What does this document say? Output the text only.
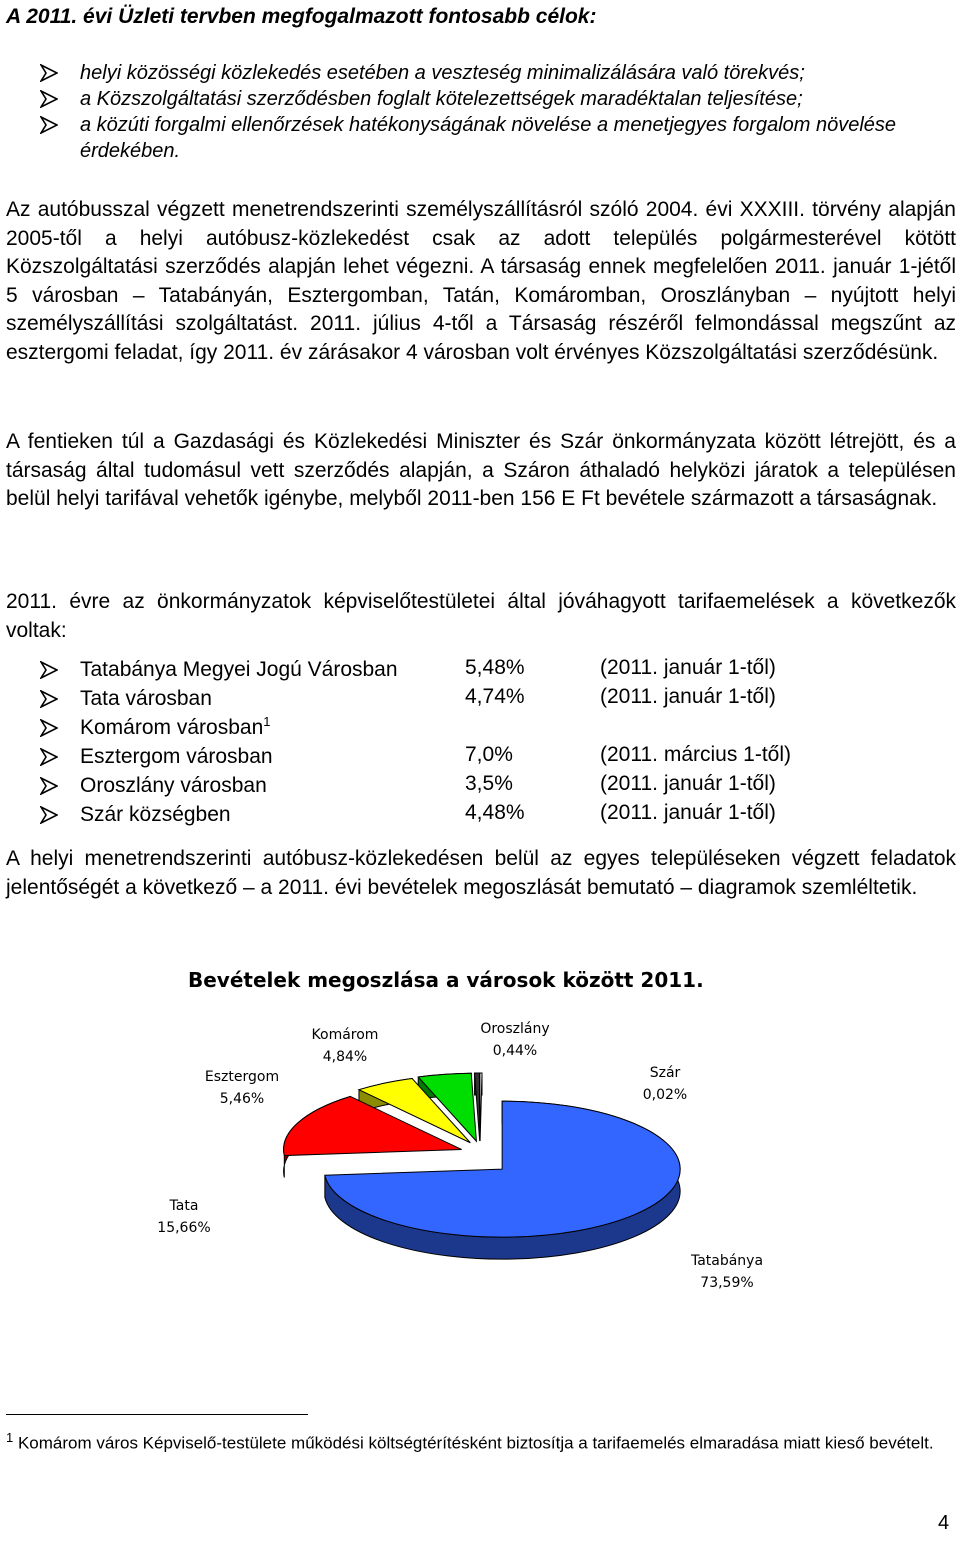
A 2011. évi Üzleti tervben megfogalmazott fontosabb célok:
helyi közösségi közlekedés esetében a veszteség minimalizálására való törekvés;
a Közszolgáltatási szerződésben foglalt kötelezettségek maradéktalan teljesítése;
a közúti forgalmi ellenőrzések hatékonyságának növelése a menetjegyes forgalom növelése érdekében.
Az autóbusszal végzett menetrendszerinti személyszállításról szóló 2004. évi XXXIII. törvény alapján 2005-től a helyi autóbusz-közlekedést csak az adott település polgármesterével kötött Közszolgáltatási szerződés alapján lehet végezni. A társaság ennek megfelelően 2011. január 1-jétől 5 városban – Tatabányán, Esztergomban, Tatán, Komáromban, Oroszlányban – nyújtott helyi személyszállítási szolgáltatást. 2011. július 4-től a Társaság részéről felmondással megszűnt az esztergomi feladat, így 2011. év zárásakor 4 városban volt érvényes Közszolgáltatási szerződésünk.
A fentieken túl a Gazdasági és Közlekedési Miniszter és Szár önkormányzata között létrejött, és a társaság által tudomásul vett szerződés alapján, a Száron áthaladó helyközi járatok a településen belül helyi tarifával vehetők igénybe, melyből 2011-ben 156 E Ft bevétele származott a társaságnak.
2011. évre az önkormányzatok képviselőtestületei által jóváhagyott tarifaemelések a következők voltak:
Tatabánya Megyei Jogú Városban	5,48%	(2011. január 1-től)
Tata városban	4,74%	(2011. január 1-től)
Komárom városban$^1$
Esztergom városban	7,0%	(2011. március 1-től)
Oroszlány városban	3,5%	(2011. január 1-től)
Szár községben	4,48%	(2011. január 1-től)
A helyi menetrendszerinti autóbusz-közlekedésen belül az egyes településeken végzett feladatok jelentőségét a következő – a 2011. évi bevételek megoszlását bemutató – diagramok szemléltetik.
Bevételek megoszlása a városok között 2011.
Esztergom
5,46%
Komárom
4,84%
Oroszlány
0,44%
Szár
0,02%
Tata
15,66%
Tatabánya
73,59%
$^1$ Komárom város Képviselő-testülete működési költségtérítésként biztosítja a tarifaemelés elmaradása miatt kieső bevételt.
4
